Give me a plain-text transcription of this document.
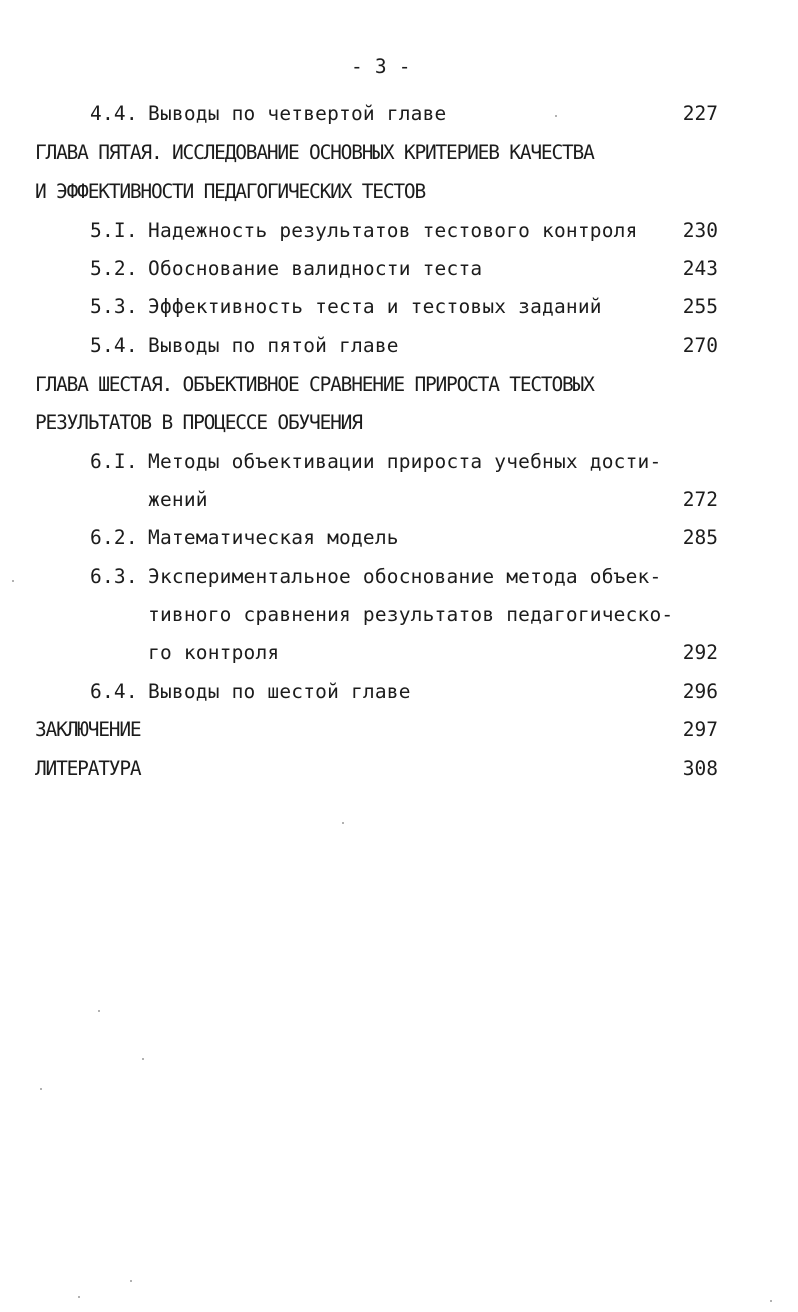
- 3 -
4.4. Выводы по четвертой главе	227
ГЛАВА ПЯТАЯ. ИССЛЕДОВАНИЕ ОСНОВНЫХ КРИТЕРИЕВ КАЧЕСТВА
И ЭФФЕКТИВНОСТИ ПЕДАГОГИЧЕСКИХ ТЕСТОВ
5.I. Надежность результатов тестового контроля	230
5.2. Обоснование валидности теста	243
5.3. Эффективность теста и тестовых заданий	255
5.4. Выводы по пятой главе	270
ГЛАВА ШЕСТАЯ. ОБЪЕКТИВНОЕ СРАВНЕНИЕ ПРИРОСТА ТЕСТОВЫХ
РЕЗУЛЬТАТОВ В ПРОЦЕССЕ ОБУЧЕНИЯ
6.I. Методы объективации прироста учебных дости-
жений	272
6.2. Математическая модель	285
6.3. Экспериментальное обоснование метода объек-
тивного сравнения результатов педагогическо-
го контроля	292
6.4. Выводы по шестой главе	296
ЗАКЛЮЧЕНИЕ	297
ЛИТЕРАТУРА	308
